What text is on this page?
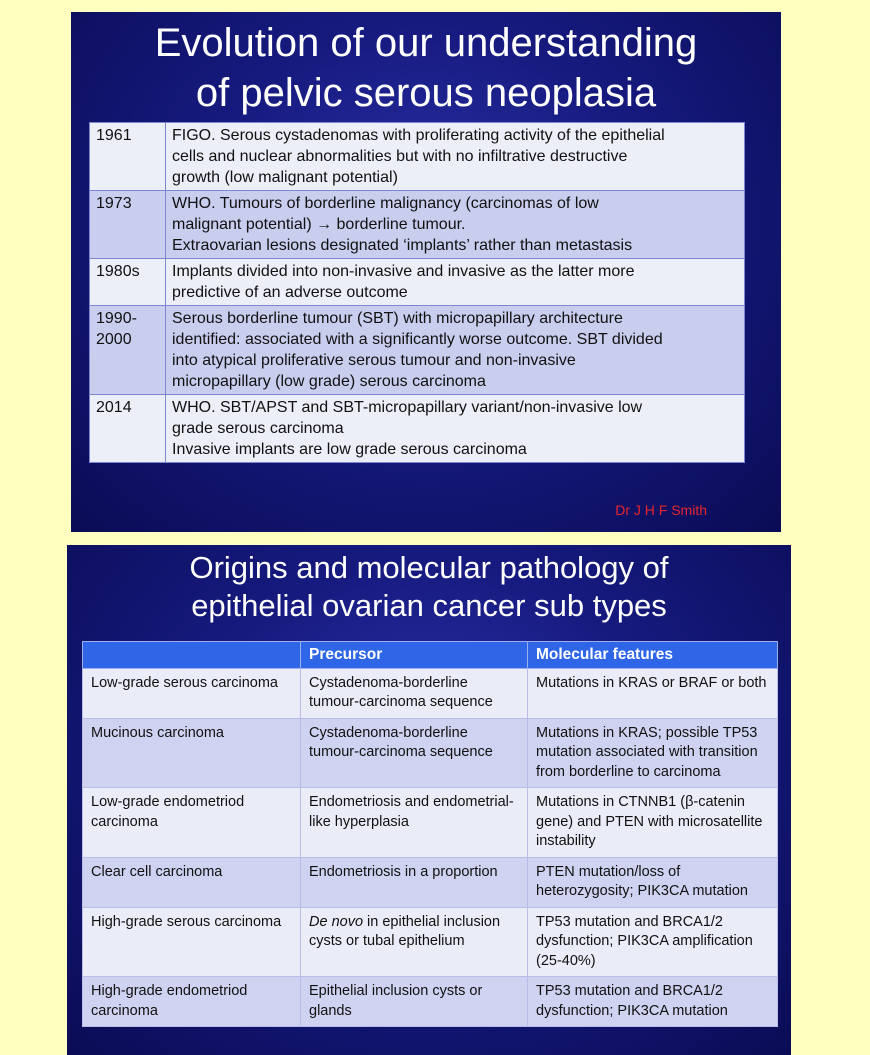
Evolution of our understanding
of pelvic serous neoplasia
1961	FIGO. Serous cystadenomas with proliferating activity of the epithelial
cells and nuclear abnormalities but with no infiltrative destructive
growth (low malignant potential)

1973	WHO. Tumours of borderline malignancy (carcinomas of low
malignant potential) → borderline tumour.
Extraovarian lesions designated ‘implants’ rather than metastasis

1980s	Implants divided into non-invasive and invasive as the latter more
predictive of an adverse outcome

1990-
2000	Serous borderline tumour (SBT) with micropapillary architecture
identified: associated with a significantly worse outcome. SBT divided
into atypical proliferative serous tumour and non-invasive
micropapillary (low grade) serous carcinoma

2014	WHO. SBT/APST and SBT-micropapillary variant/non-invasive low
grade serous carcinoma
Invasive implants are low grade serous carcinoma
Dr J H F Smith
Origins and molecular pathology of
epithelial ovarian cancer sub types
	Precursor	Molecular features
Low-grade serous carcinoma	Cystadenoma-borderline tumour-carcinoma sequence	Mutations in KRAS or BRAF or both
Mucinous carcinoma	Cystadenoma-borderline tumour-carcinoma sequence	Mutations in KRAS; possible TP53 mutation associated with transition from borderline to carcinoma
Low-grade endometriod carcinoma	Endometriosis and endometrial-like hyperplasia	Mutations in CTNNB1 (β-catenin gene) and PTEN with microsatellite instability
Clear cell carcinoma	Endometriosis in a proportion	PTEN mutation/loss of heterozygosity; PIK3CA mutation
High-grade serous carcinoma	De novo in epithelial inclusion cysts or tubal epithelium	TP53 mutation and BRCA1/2 dysfunction; PIK3CA amplification (25-40%)
High-grade endometriod carcinoma	Epithelial inclusion cysts or glands	TP53 mutation and BRCA1/2 dysfunction; PIK3CA mutation
